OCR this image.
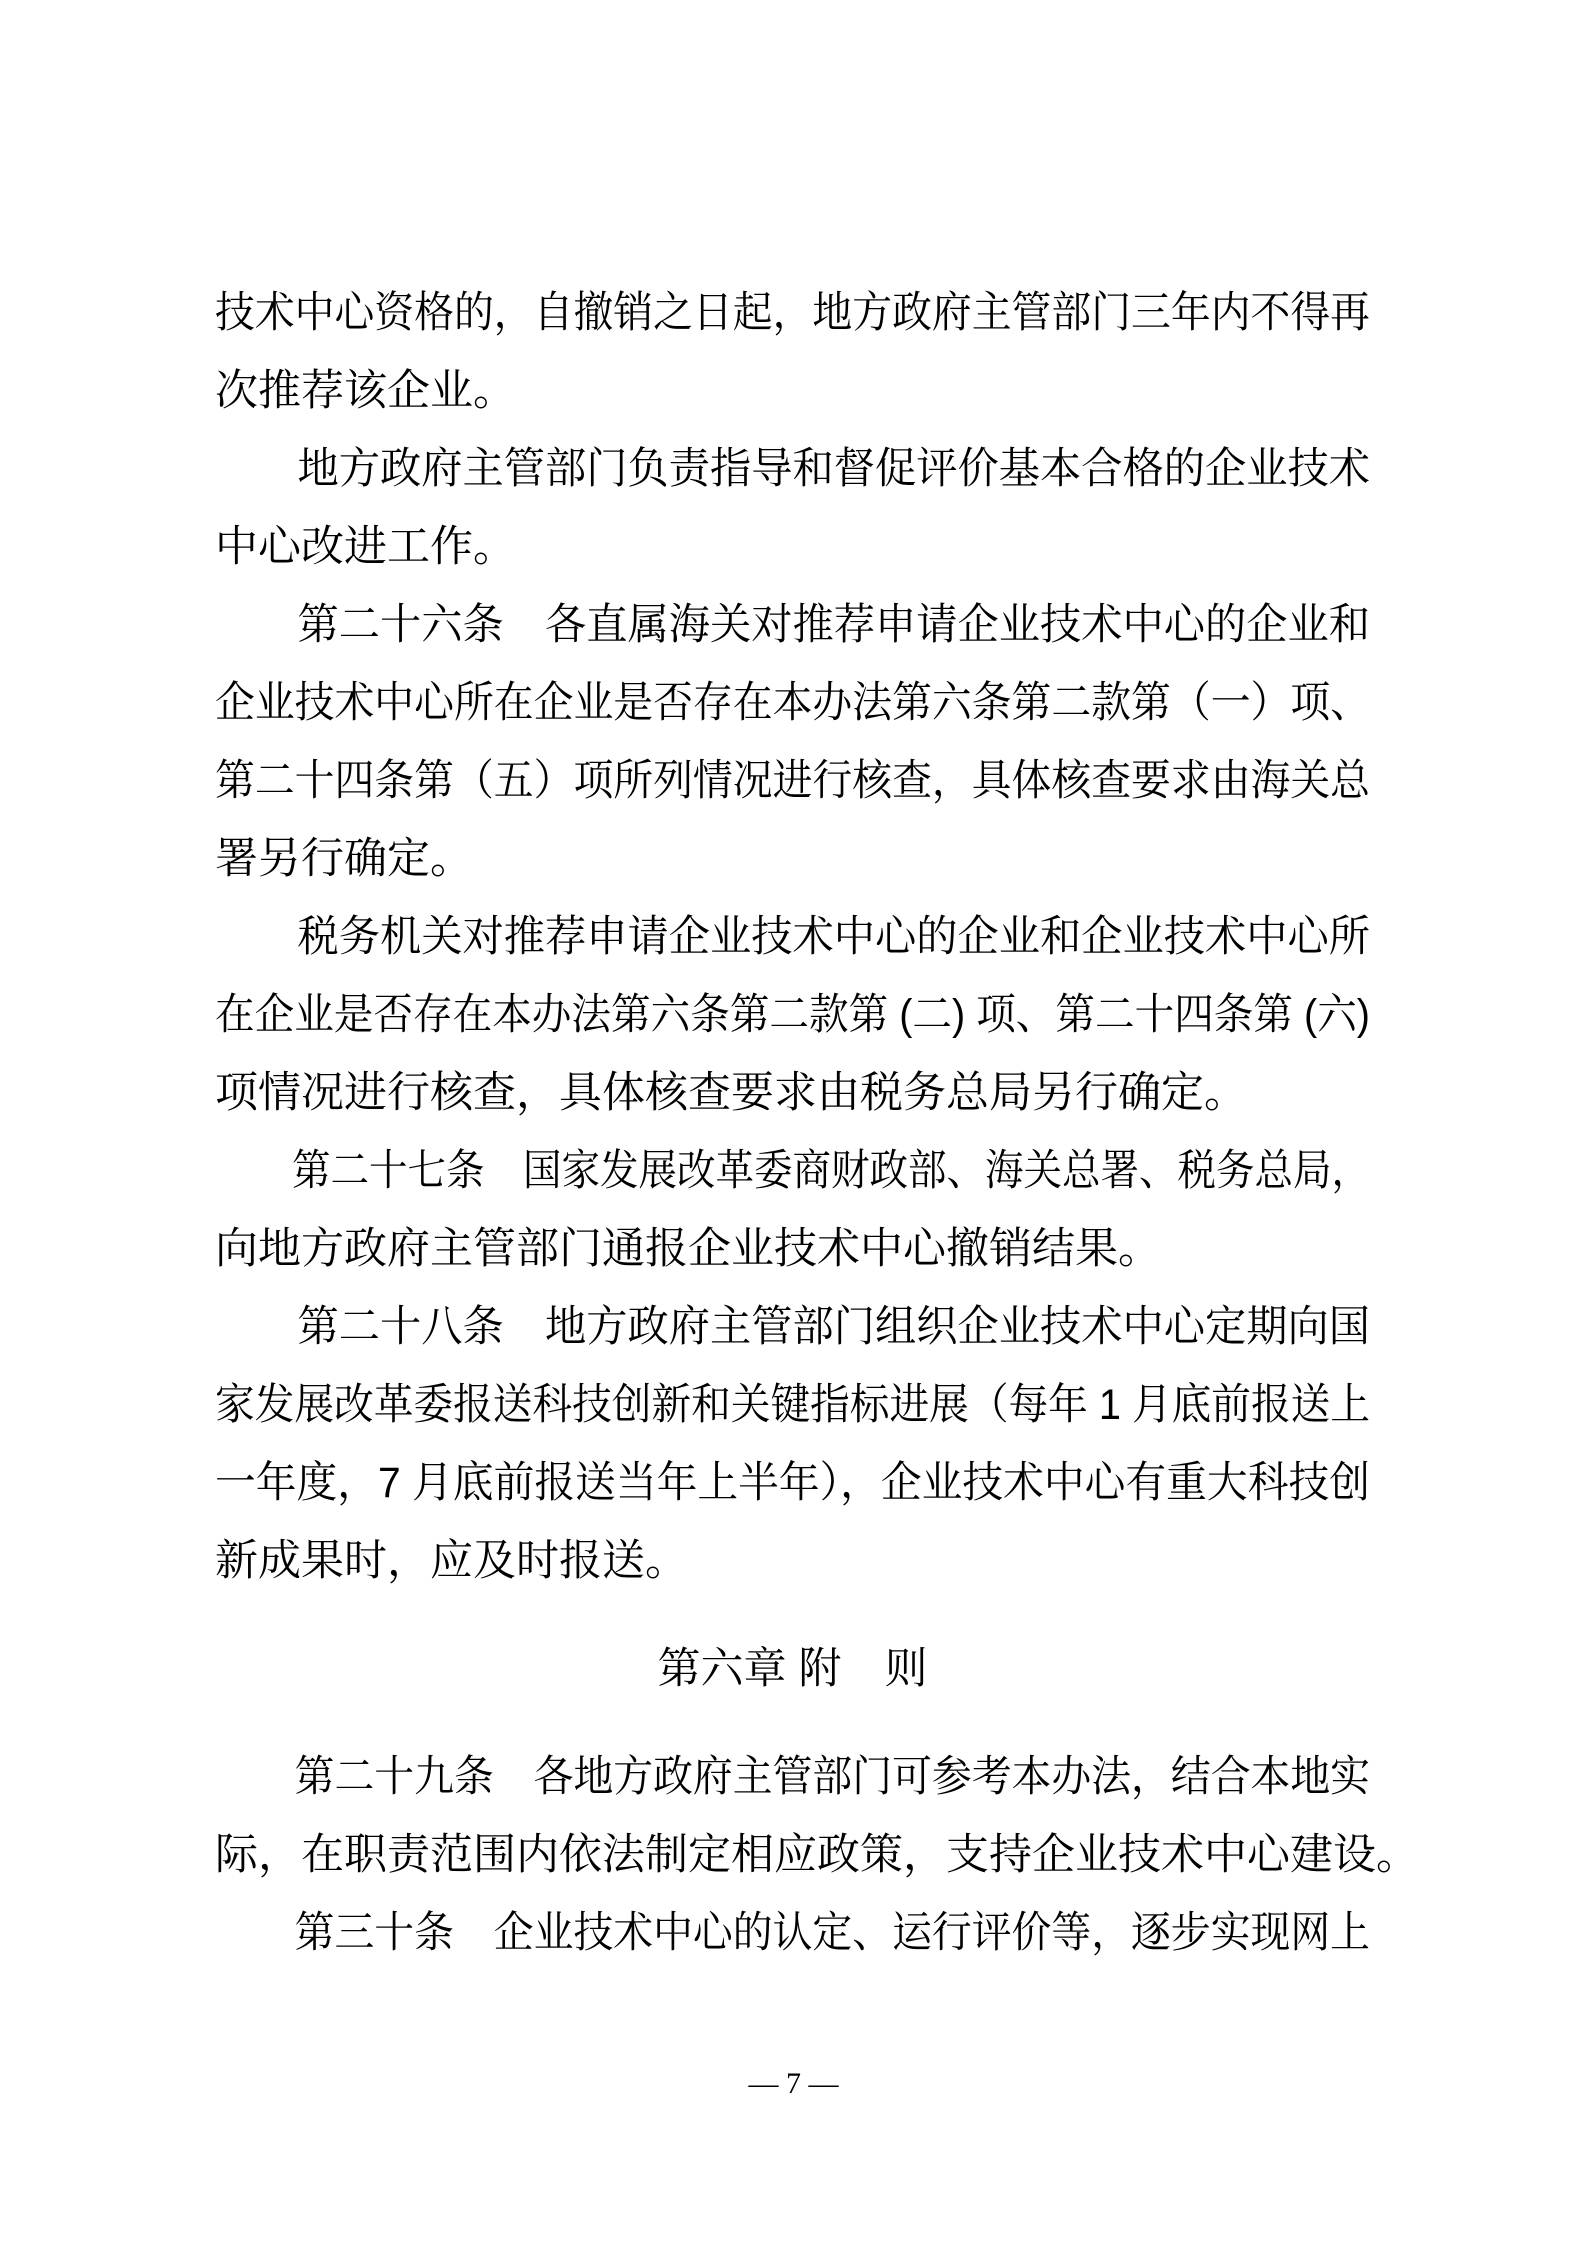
技术中心资格的，自撤销之日起，地方政府主管部门三年内不得再
次推荐该企业。
　　地方政府主管部门负责指导和督促评价基本合格的企业技术
中心改进工作。
　　第二十六条　各直属海关对推荐申请企业技术中心的企业和
企业技术中心所在企业是否存在本办法第六条第二款第（一）项、
第二十四条第（五）项所列情况进行核查，具体核查要求由海关总
署另行确定。
　　税务机关对推荐申请企业技术中心的企业和企业技术中心所
在企业是否存在本办法第六条第二款第 (二) 项、第二十四条第 (六)
项情况进行核查，具体核查要求由税务总局另行确定。
　　第二十七条　国家发展改革委商财政部、海关总署、税务总局，
向地方政府主管部门通报企业技术中心撤销结果。
　　第二十八条　地方政府主管部门组织企业技术中心定期向国
家发展改革委报送科技创新和关键指标进展（每年 1 月底前报送上
一年度，7 月底前报送当年上半年），企业技术中心有重大科技创
新成果时，应及时报送。
第六章 附　则
　　第二十九条　各地方政府主管部门可参考本办法，结合本地实
际，在职责范围内依法制定相应政策，支持企业技术中心建设。
　　第三十条　企业技术中心的认定、运行评价等，逐步实现网上
— 7 —
